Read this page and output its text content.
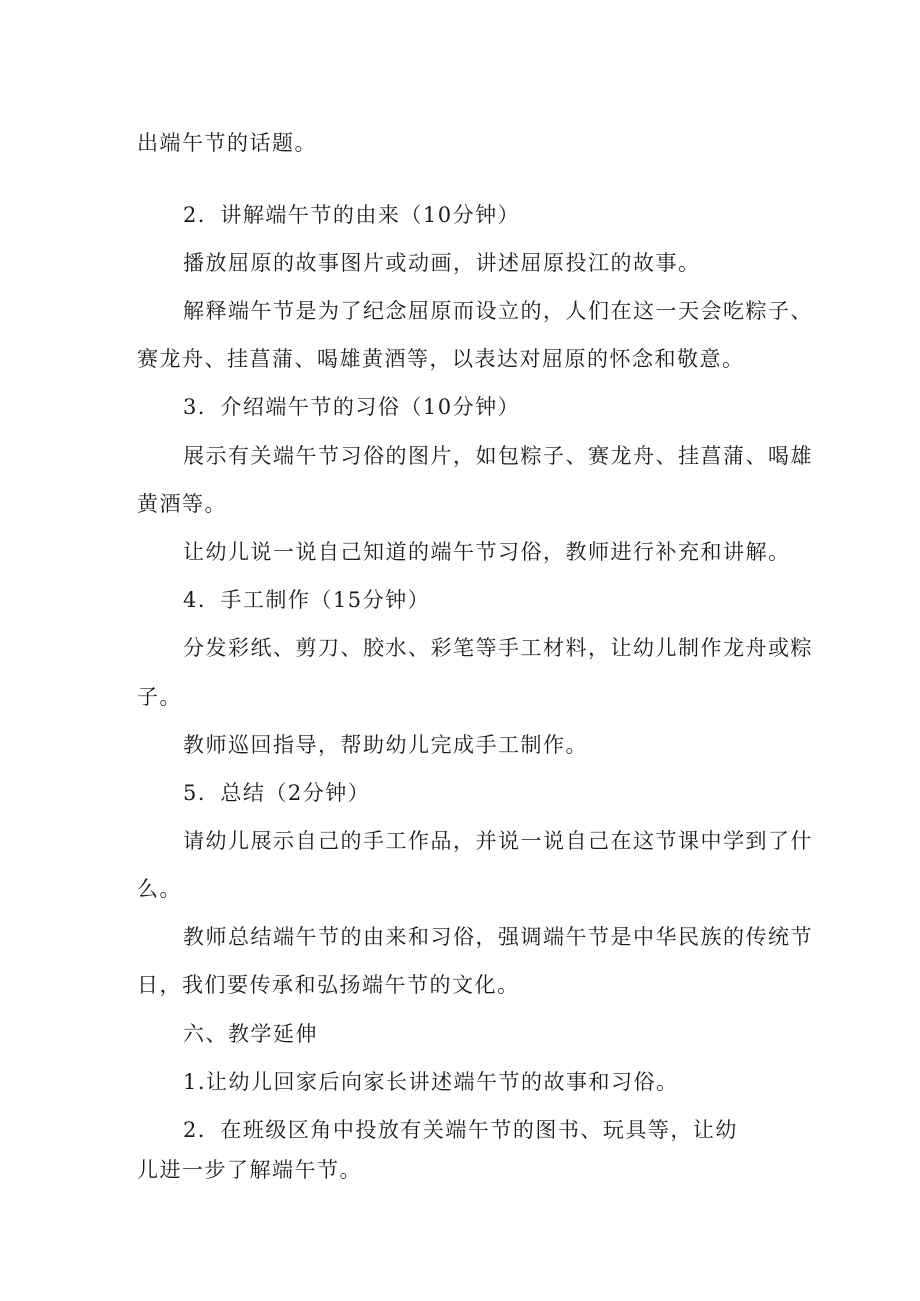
出端午节的话题。

2．讲解端午节的由来（10分钟）

播放屈原的故事图片或动画，讲述屈原投江的故事。

解释端午节是为了纪念屈原而设立的，人们在这一天会吃粽子、

赛龙舟、挂菖蒲、喝雄黄酒等，以表达对屈原的怀念和敬意。

3．介绍端午节的习俗（10分钟）

展示有关端午节习俗的图片，如包粽子、赛龙舟、挂菖蒲、喝雄

黄酒等。

让幼儿说一说自己知道的端午节习俗，教师进行补充和讲解。

4．手工制作（15分钟）

分发彩纸、剪刀、胶水、彩笔等手工材料，让幼儿制作龙舟或粽

子。

教师巡回指导，帮助幼儿完成手工制作。

5．总结（2分钟）

请幼儿展示自己的手工作品，并说一说自己在这节课中学到了什

么。

教师总结端午节的由来和习俗，强调端午节是中华民族的传统节

日，我们要传承和弘扬端午节的文化。

六、教学延伸

1.让幼儿回家后向家长讲述端午节的故事和习俗。

2．在班级区角中投放有关端午节的图书、玩具等，让幼

儿进一步了解端午节。
